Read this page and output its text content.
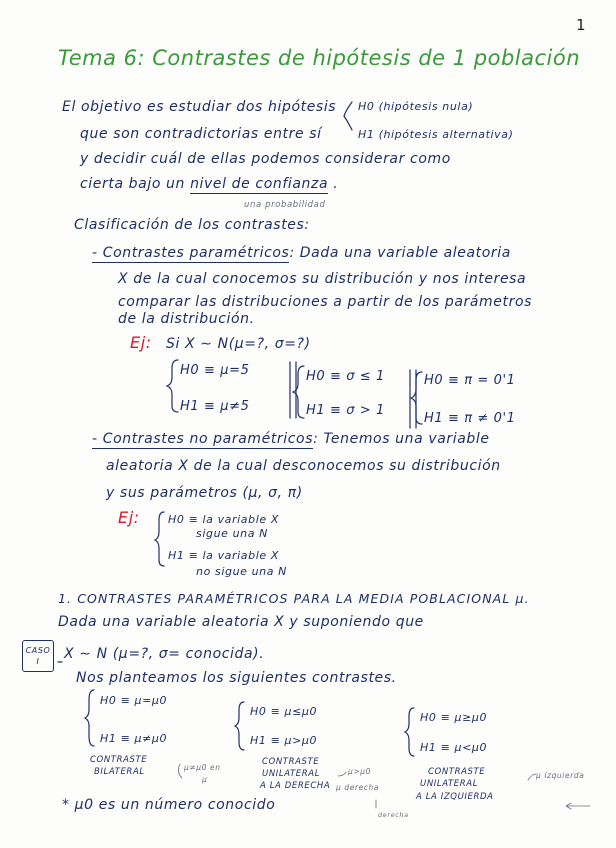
1
Tema 6: Contrastes de hipótesis de 1 población
El objetivo es estudiar dos hipótesis H0 (hipótesis nula)
H1 (hipótesis alternativa)
que son contradictorias entre sí
y decidir cuál de ellas podemos considerar como
cierta bajo un nivel de confianza .
una probabilidad
Clasificación de los contrastes:
- Contrastes paramétricos: Dada una variable aleatoria
X de la cual conocemos su distribución y nos interesa
comparar las distribuciones a partir de los parámetros
de la distribución.
Ej: Si X ∼ N(μ=?, σ=?)
H0 ≡ μ=5
H1 ≡ μ≠5
H0 ≡ σ ≤ 1
H1 ≡ σ > 1
H0 ≡ π = 0'1
H1 ≡ π ≠ 0'1
- Contrastes no paramétricos: Tenemos una variable
aleatoria X de la cual desconocemos su distribución
y sus parámetros (μ, σ, π)
Ej:	H0 ≡ la variable X
sigue una N
H1 ≡ la variable X
no sigue una N
1. CONTRASTES PARAMÉTRICOS PARA LA MEDIA POBLACIONAL μ.
Dada una variable aleatoria X y suponiendo que
CASO I	X ∼ N (μ=?, σ= conocida).
Nos planteamos los siguientes contrastes.
H0 ≡ μ=μ0
H1 ≡ μ≠μ0
H0 ≡ μ≤μ0
H1 ≡ μ>μ0
H0 ≡ μ≥μ0
H1 ≡ μ<μ0
CONTRASTE
BILATERAL	μ≠μ0 en
μ
CONTRASTE
UNILATERAL
A LA DERECHA
μ>μ0
μ derecha
CONTRASTE
UNILATERAL
A LA IZQUIERDA
μ izquierda
* μ0 es un número conocido
derecha
